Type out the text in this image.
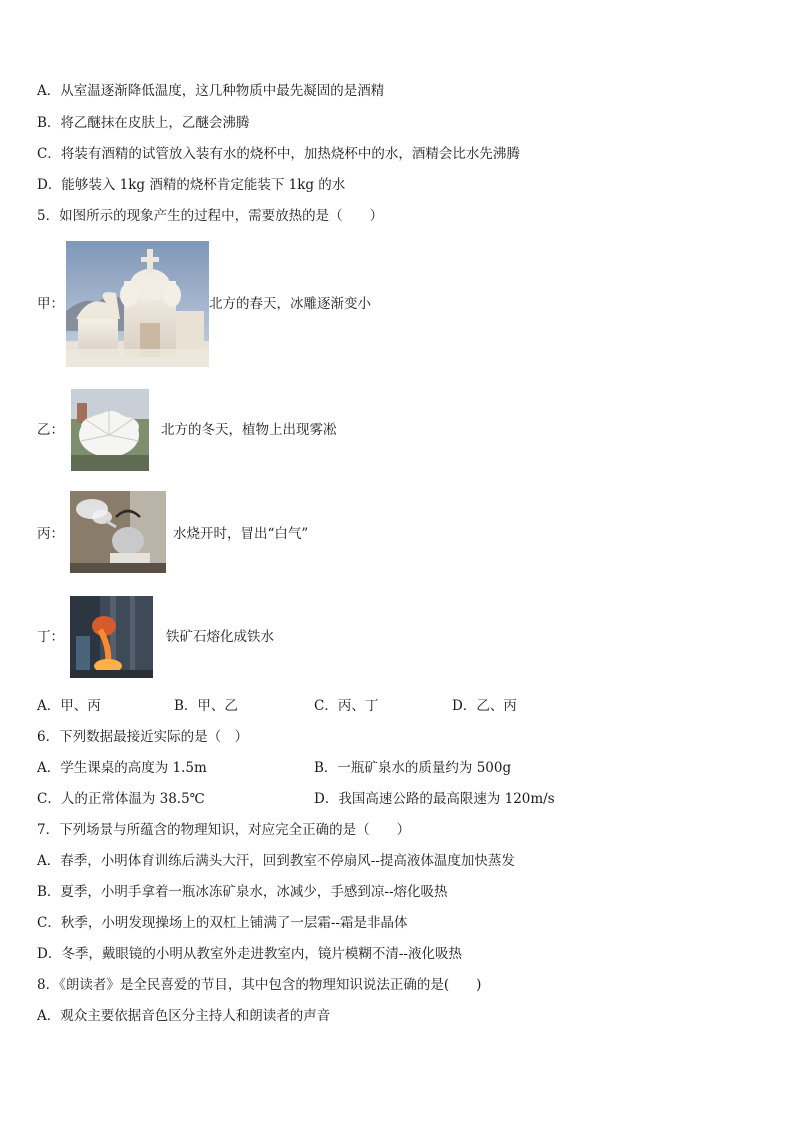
A．从室温逐渐降低温度，这几种物质中最先凝固的是酒精
B．将乙醚抹在皮肤上，乙醚会沸腾
C．将装有酒精的试管放入装有水的烧杯中，加热烧杯中的水，酒精会比水先沸腾
D．能够装入 1kg 酒精的烧杯肯定能装下 1kg 的水
5．如图所示的现象产生的过程中，需要放热的是（　　）
甲：	北方的春天，冰雕逐渐变小
乙：	北方的冬天，植物上出现雾凇
丙：	水烧开时，冒出“白气”
丁：	铁矿石熔化成铁水
A．甲、丙	B．甲、乙	C．丙、丁	D．乙、丙
6．下列数据最接近实际的是（　）
A．学生课桌的高度为 1.5m	B．一瓶矿泉水的质量约为 500g
C．人的正常体温为 38.5℃	D．我国高速公路的最高限速为 120m/s
7．下列场景与所蕴含的物理知识，对应完全正确的是（　　）
A．春季，小明体育训练后满头大汗，回到教室不停扇风--提高液体温度加快蒸发
B．夏季，小明手拿着一瓶冰冻矿泉水，冰减少，手感到凉--熔化吸热
C．秋季，小明发现操场上的双杠上铺满了一层霜--霜是非晶体
D．冬季，戴眼镜的小明从教室外走进教室内，镜片模糊不清--液化吸热
8．《朗读者》是全民喜爱的节目，其中包含的物理知识说法正确的是(　　)
A．观众主要依据音色区分主持人和朗读者的声音
